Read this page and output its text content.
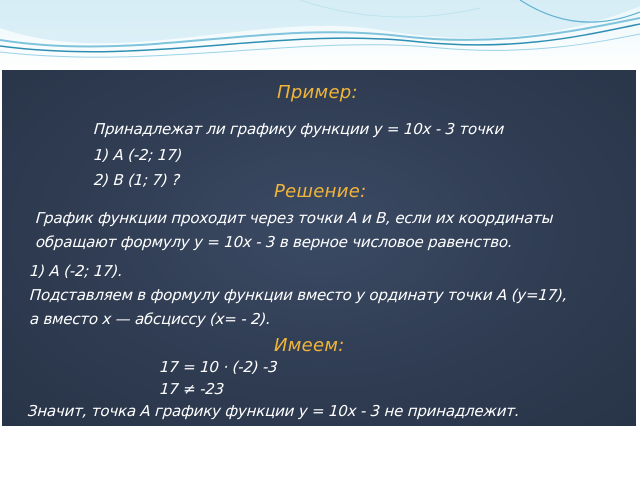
Пример:
Принадлежат ли графику функции y = 10x - 3 точки
1) А (-2; 17)
2) В (1; 7) ?
Решение:
График функции проходит через точки А и В, если их координаты
обращают формулу y = 10x - 3 в верное числовое равенство.
1) А (-2; 17).
Подставляем в формулу функции вместо y ординату точки А (y=17),
а вместо x — абсциссу (x= - 2).
Имеем:
17 = 10 · (-2) -3
17 ≠ -23
Значит, точка А графику функции y = 10x - 3 не принадлежит.
